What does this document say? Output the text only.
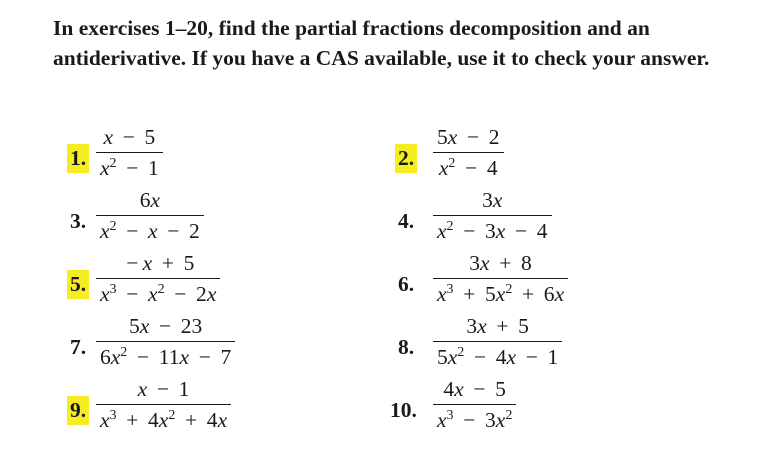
In exercises 1–20, find the partial fractions decomposition and an antiderivative. If you have a CAS available, use it to check your answer.

1.
x  −  5
$x^2 - 1$	2.
5x  −  2
$x^2 - 4$
3.
6x
$x^2 - x - 2$	4.
3x
$x^2 - 3x - 4$
5.
 − x  +  5
$x^3 - x^2 - 2x$	6.
3x  +  8
$x^3 + 5x^2 + 6x$
7.
5x  −  23
$6x^2 - 11x - 7$	8.
3x  +  5
$5x^2 - 4x - 1$
9.
x  −  1
$x^3 + 4x^2 + 4x$	10.
4x  −  5
$x^3 - 3x^2$
